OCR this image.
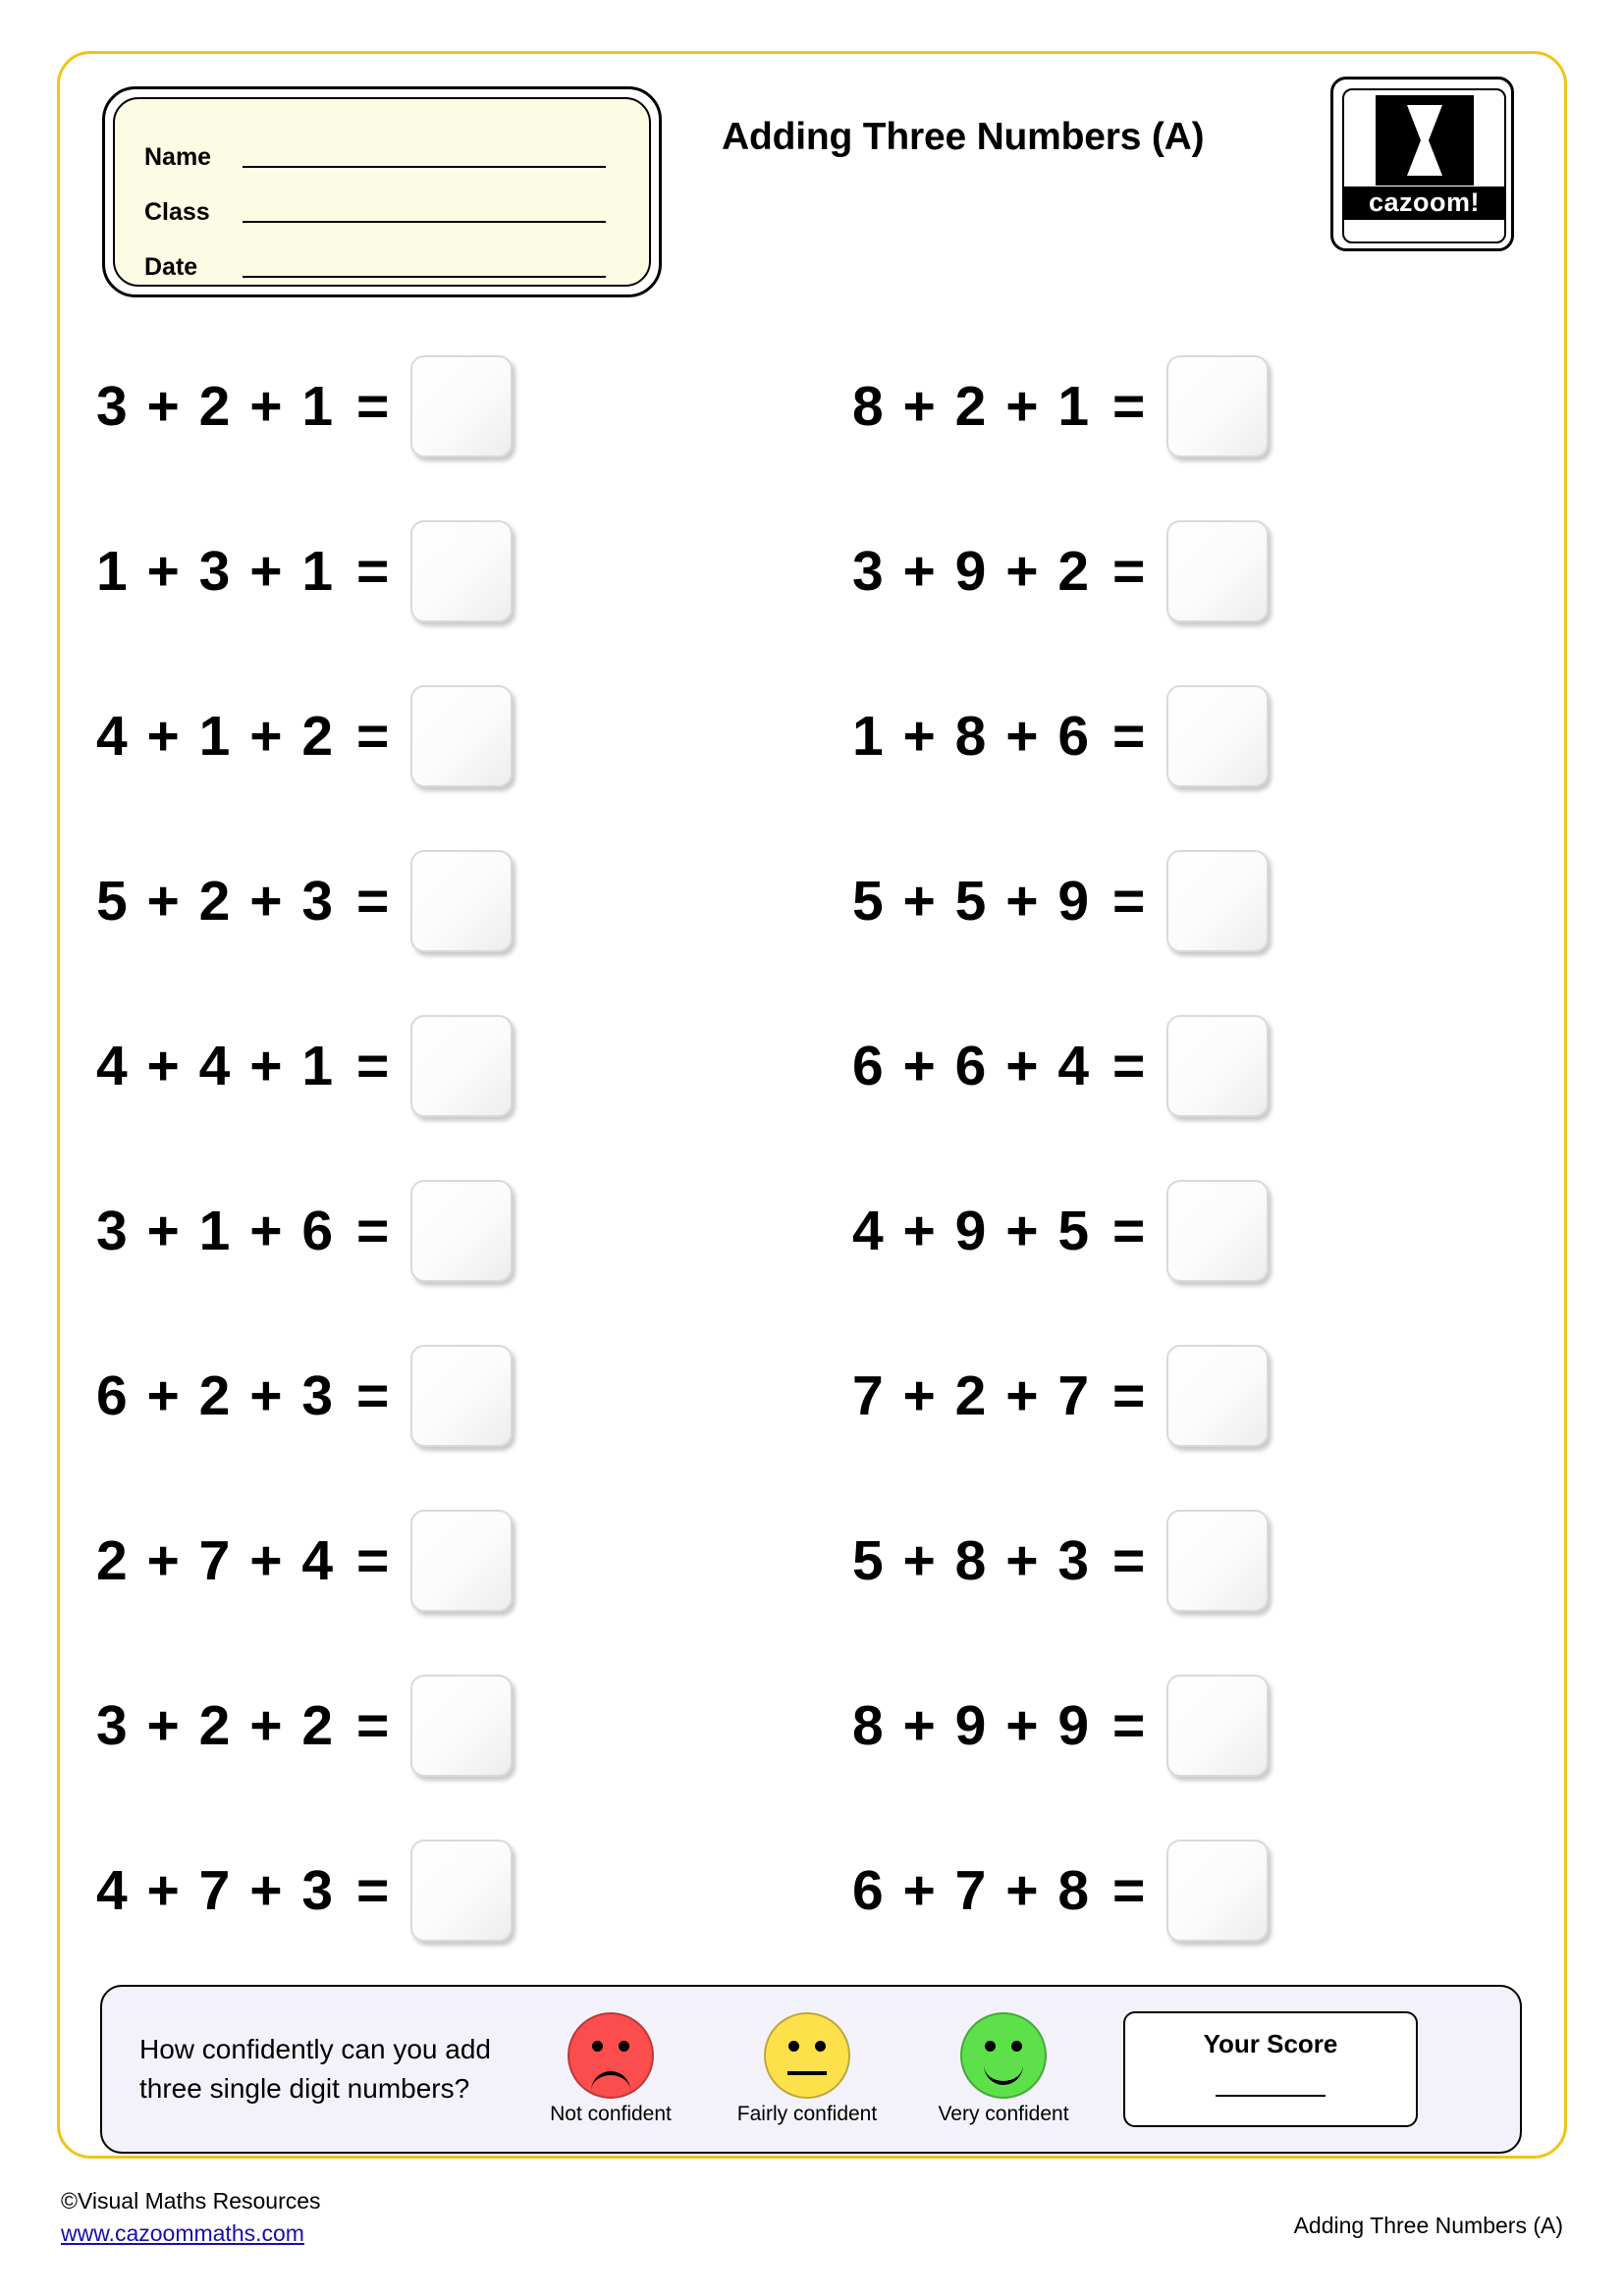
Name
Class
Date
Adding Three Numbers (A)
cazoom!
3 + 2 + 1 =
1 + 3 + 1 =
4 + 1 + 2 =
5 + 2 + 3 =
4 + 4 + 1 =
3 + 1 + 6 =
6 + 2 + 3 =
2 + 7 + 4 =
3 + 2 + 2 =
4 + 7 + 3 =
8 + 2 + 1 =
3 + 9 + 2 =
1 + 8 + 6 =
5 + 5 + 9 =
6 + 6 + 4 =
4 + 9 + 5 =
7 + 2 + 7 =
5 + 8 + 3 =
8 + 9 + 9 =
6 + 7 + 8 =
How confidently can you add three single digit numbers?
Not confident	Fairly confident	Very confident
Your Score
©Visual Maths Resources
www.cazoommaths.com	Adding Three Numbers (A)
